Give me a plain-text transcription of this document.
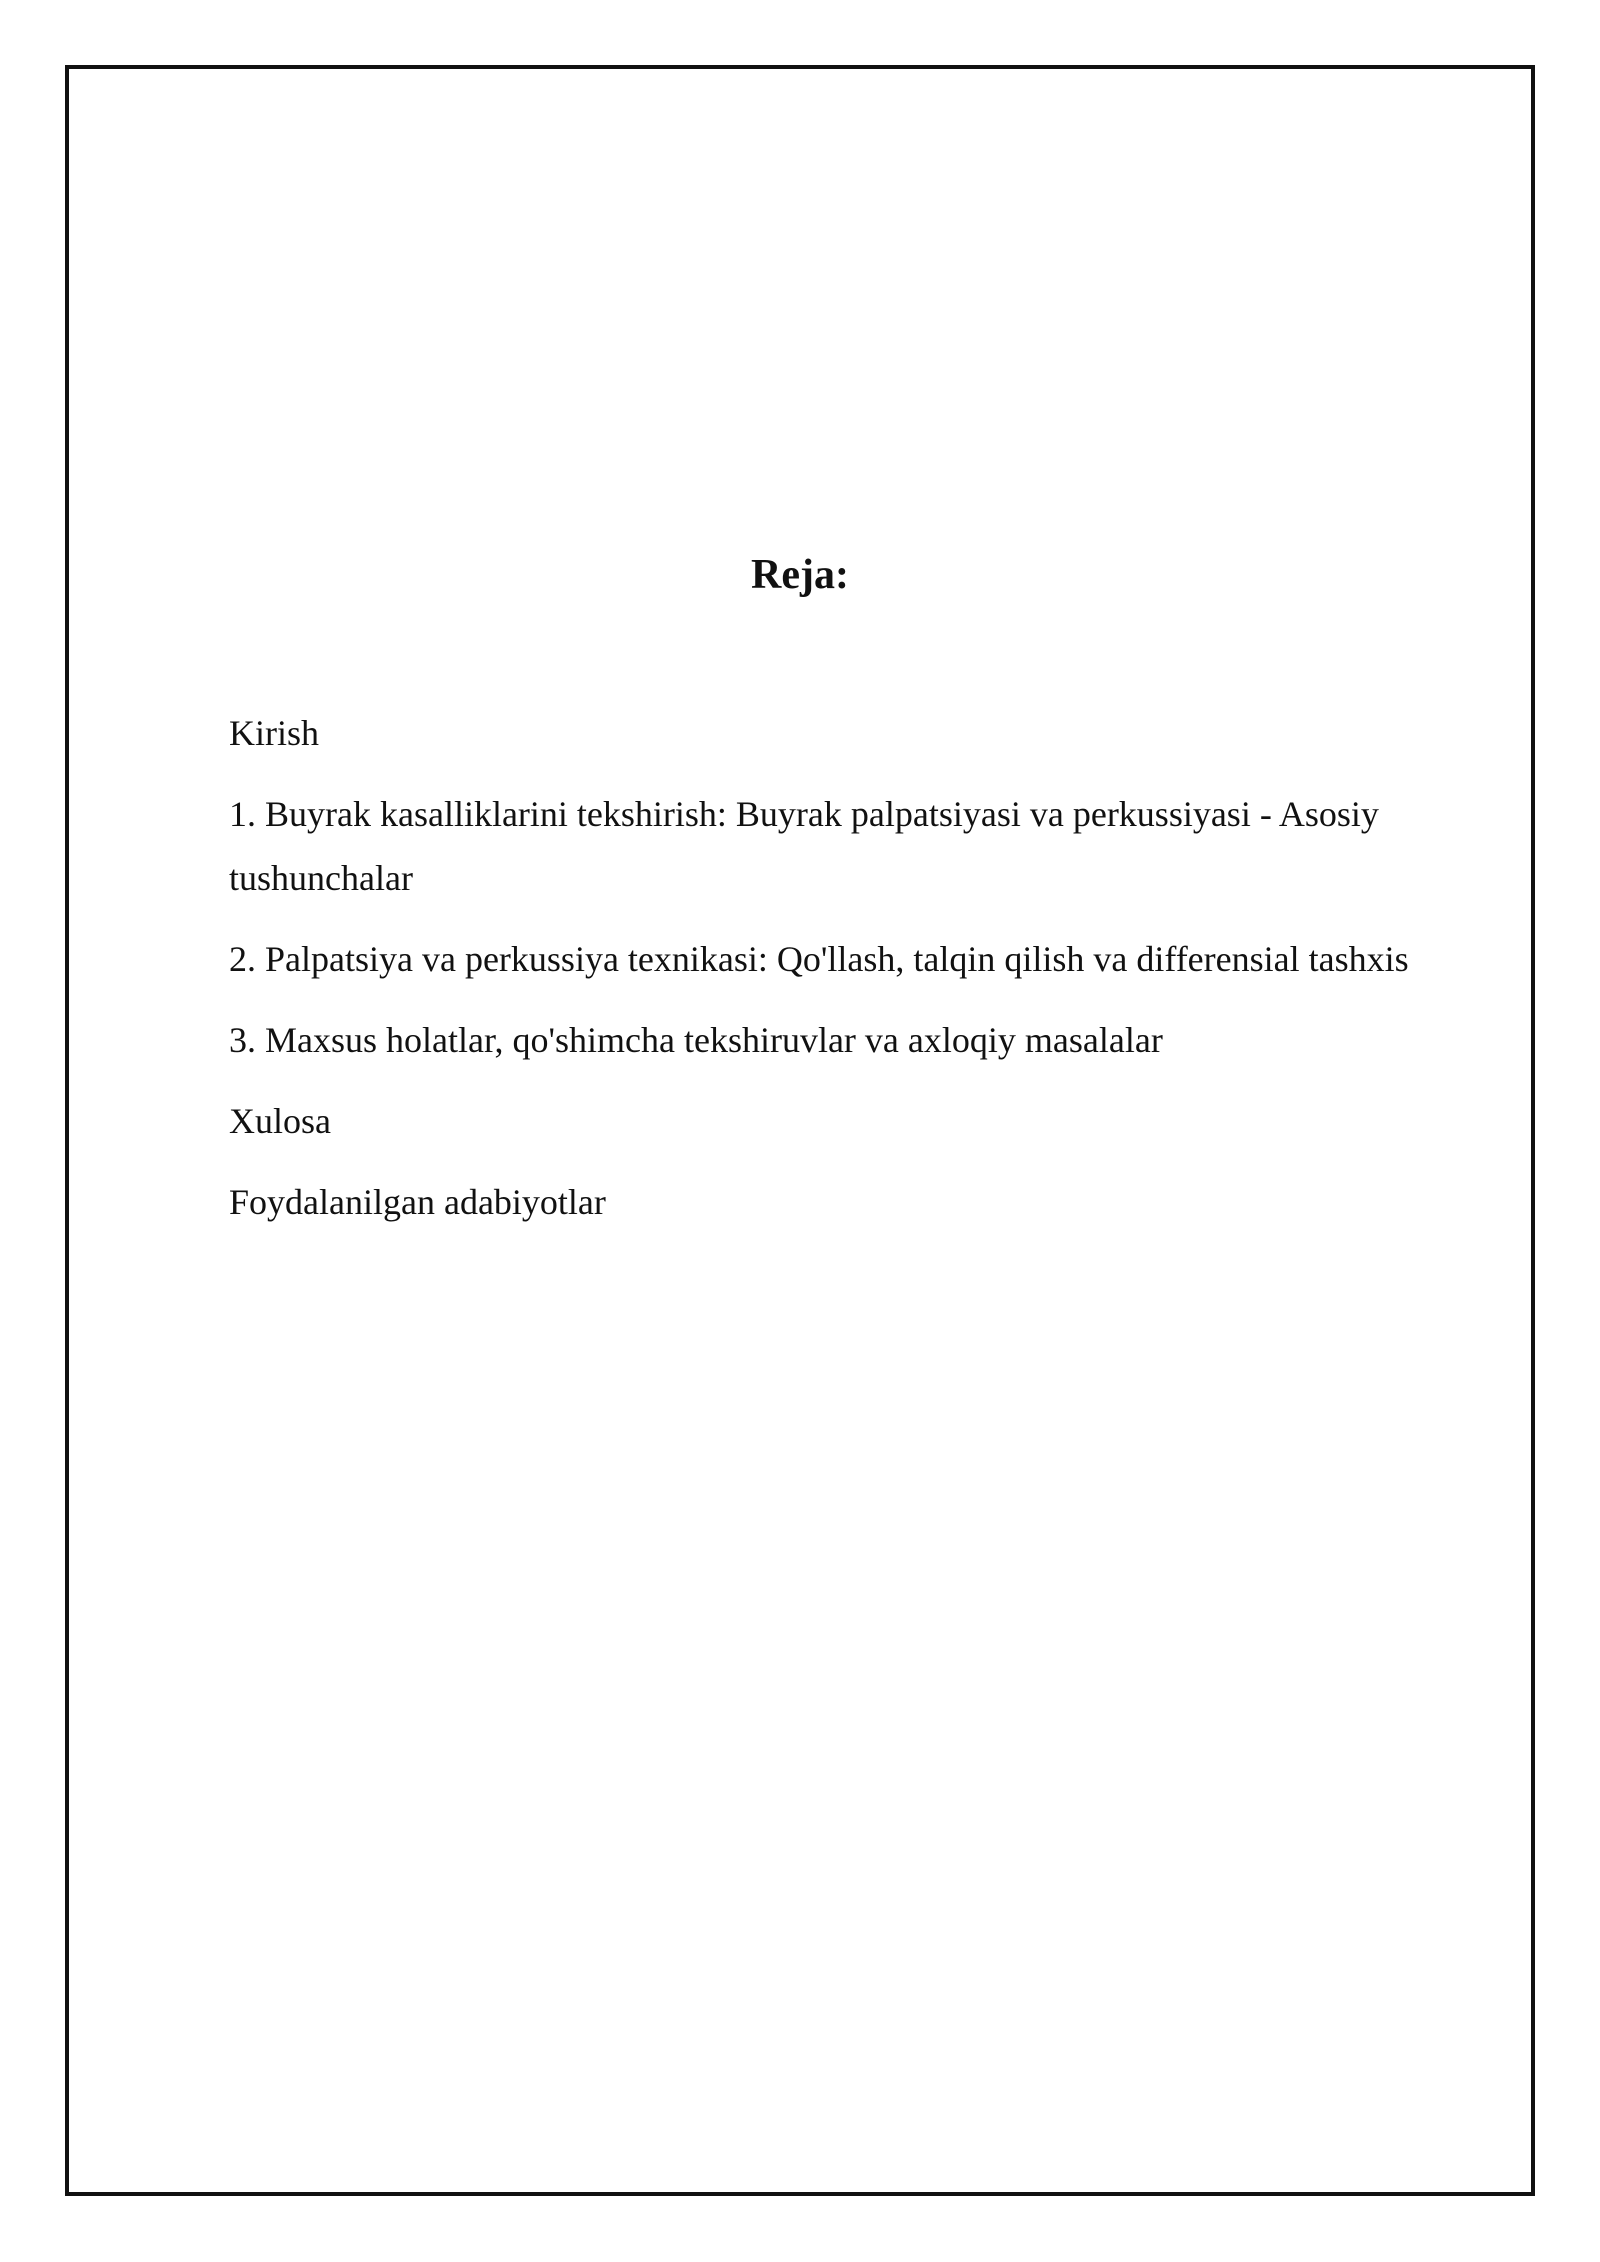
Reja:
Kirish
1. Buyrak kasalliklarini tekshirish: Buyrak palpatsiyasi va perkussiyasi - Asosiy tushunchalar
2. Palpatsiya va perkussiya texnikasi: Qo'llash, talqin qilish va differensial tashxis
3. Maxsus holatlar, qo'shimcha tekshiruvlar va axloqiy masalalar
Xulosa
Foydalanilgan adabiyotlar
